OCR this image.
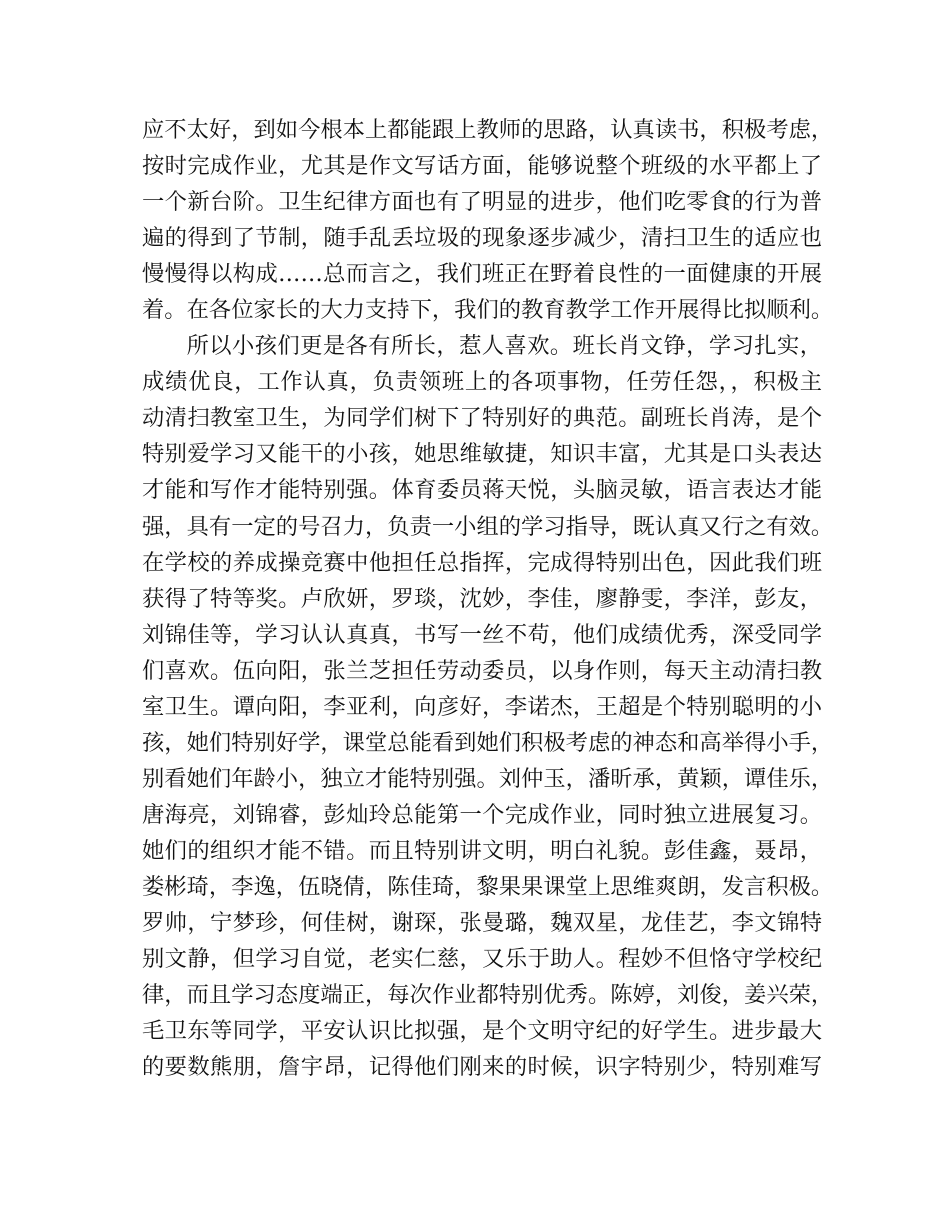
应不太好，到如今根本上都能跟上教师的思路，认真读书，积极考虑，
按时完成作业，尤其是作文写话方面，能够说整个班级的水平都上了
一个新台阶。卫生纪律方面也有了明显的进步，他们吃零食的行为普
遍的得到了节制，随手乱丢垃圾的现象逐步减少，清扫卫生的适应也
慢慢得以构成……总而言之，我们班正在野着良性的一面健康的开展
着。在各位家长的大力支持下，我们的教育教学工作开展得比拟顺利。
所以小孩们更是各有所长，惹人喜欢。班长肖文铮，学习扎实，
成绩优良，工作认真，负责领班上的各项事物，任劳任怨，，积极主
动清扫教室卫生，为同学们树下了特别好的典范。副班长肖涛，是个
特别爱学习又能干的小孩，她思维敏捷，知识丰富，尤其是口头表达
才能和写作才能特别强。体育委员蒋天悦，头脑灵敏，语言表达才能
强，具有一定的号召力，负责一小组的学习指导，既认真又行之有效。
在学校的养成操竞赛中他担任总指挥，完成得特别出色，因此我们班
获得了特等奖。卢欣妍，罗琰，沈妙，李佳，廖静雯，李洋，彭友，
刘锦佳等，学习认认真真，书写一丝不苟，他们成绩优秀，深受同学
们喜欢。伍向阳，张兰芝担任劳动委员，以身作则，每天主动清扫教
室卫生。谭向阳，李亚利，向彦好，李诺杰，王超是个特别聪明的小
孩，她们特别好学，课堂总能看到她们积极考虑的神态和高举得小手，
别看她们年龄小，独立才能特别强。刘仲玉，潘昕承，黄颖，谭佳乐，
唐海亮，刘锦睿，彭灿玲总能第一个完成作业，同时独立进展复习。
她们的组织才能不错。而且特别讲文明，明白礼貌。彭佳鑫，聂昂，
娄彬琦，李逸，伍晓倩，陈佳琦，黎果果课堂上思维爽朗，发言积极。
罗帅，宁梦珍，何佳树，谢琛，张曼璐，魏双星，龙佳艺，李文锦特
别文静，但学习自觉，老实仁慈，又乐于助人。程妙不但恪守学校纪
律，而且学习态度端正，每次作业都特别优秀。陈婷，刘俊，姜兴荣，
毛卫东等同学，平安认识比拟强，是个文明守纪的好学生。进步最大
的要数熊朋，詹宇昂，记得他们刚来的时候，识字特别少，特别难写
